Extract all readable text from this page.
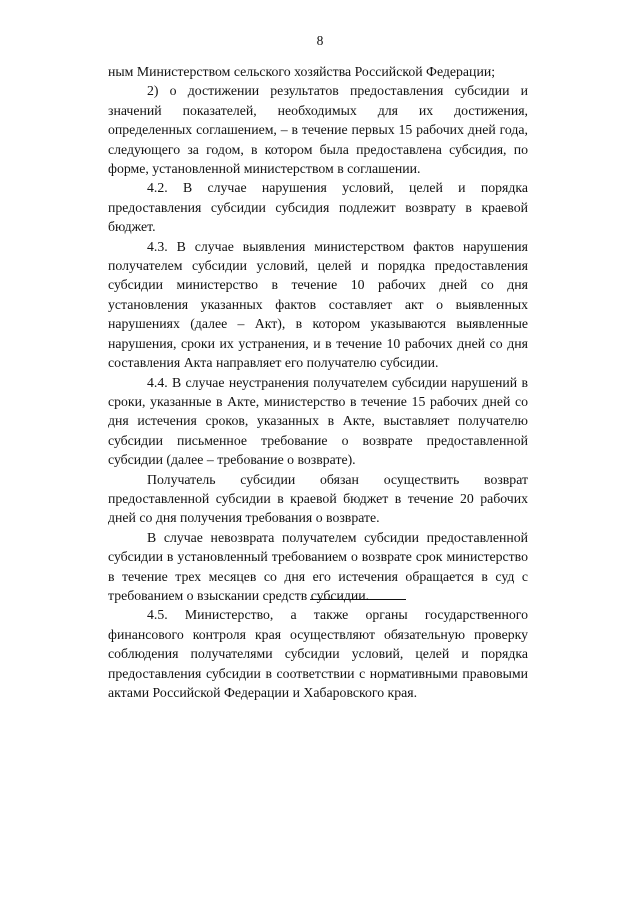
8

ным Министерством сельского хозяйства Российской Федерации;

2) о достижении результатов предоставления субсидии и значений показателей, необходимых для их достижения, определенных соглашением, – в течение первых 15 рабочих дней года, следующего за годом, в котором была предоставлена субсидия, по форме, установленной министерством в соглашении.

4.2. В случае нарушения условий, целей и порядка предоставления субсидии субсидия подлежит возврату в краевой бюджет.

4.3. В случае выявления министерством фактов нарушения получателем субсидии условий, целей и порядка предоставления субсидии министерство в течение 10 рабочих дней со дня установления указанных фактов составляет акт о выявленных нарушениях (далее – Акт), в котором указываются выявленные нарушения, сроки их устранения, и в течение 10 рабочих дней со дня составления Акта направляет его получателю субсидии.

4.4. В случае неустранения получателем субсидии нарушений в сроки, указанные в Акте, министерство в течение 15 рабочих дней со дня истечения сроков, указанных в Акте, выставляет получателю субсидии письменное требование о возврате предоставленной субсидии (далее – требование о возврате).

Получатель субсидии обязан осуществить возврат предоставленной субсидии в краевой бюджет в течение 20 рабочих дней со дня получения требования о возврате.

В случае невозврата получателем субсидии предоставленной субсидии в установленный требованием о возврате срок министерство в течение трех месяцев со дня его истечения обращается в суд с требованием о взыскании средств субсидии.

4.5. Министерство, а также органы государственного финансового контроля края осуществляют обязательную проверку соблюдения получателями субсидии условий, целей и порядка предоставления субсидии в соответствии с нормативными правовыми актами Российской Федерации и Хабаровского края.
